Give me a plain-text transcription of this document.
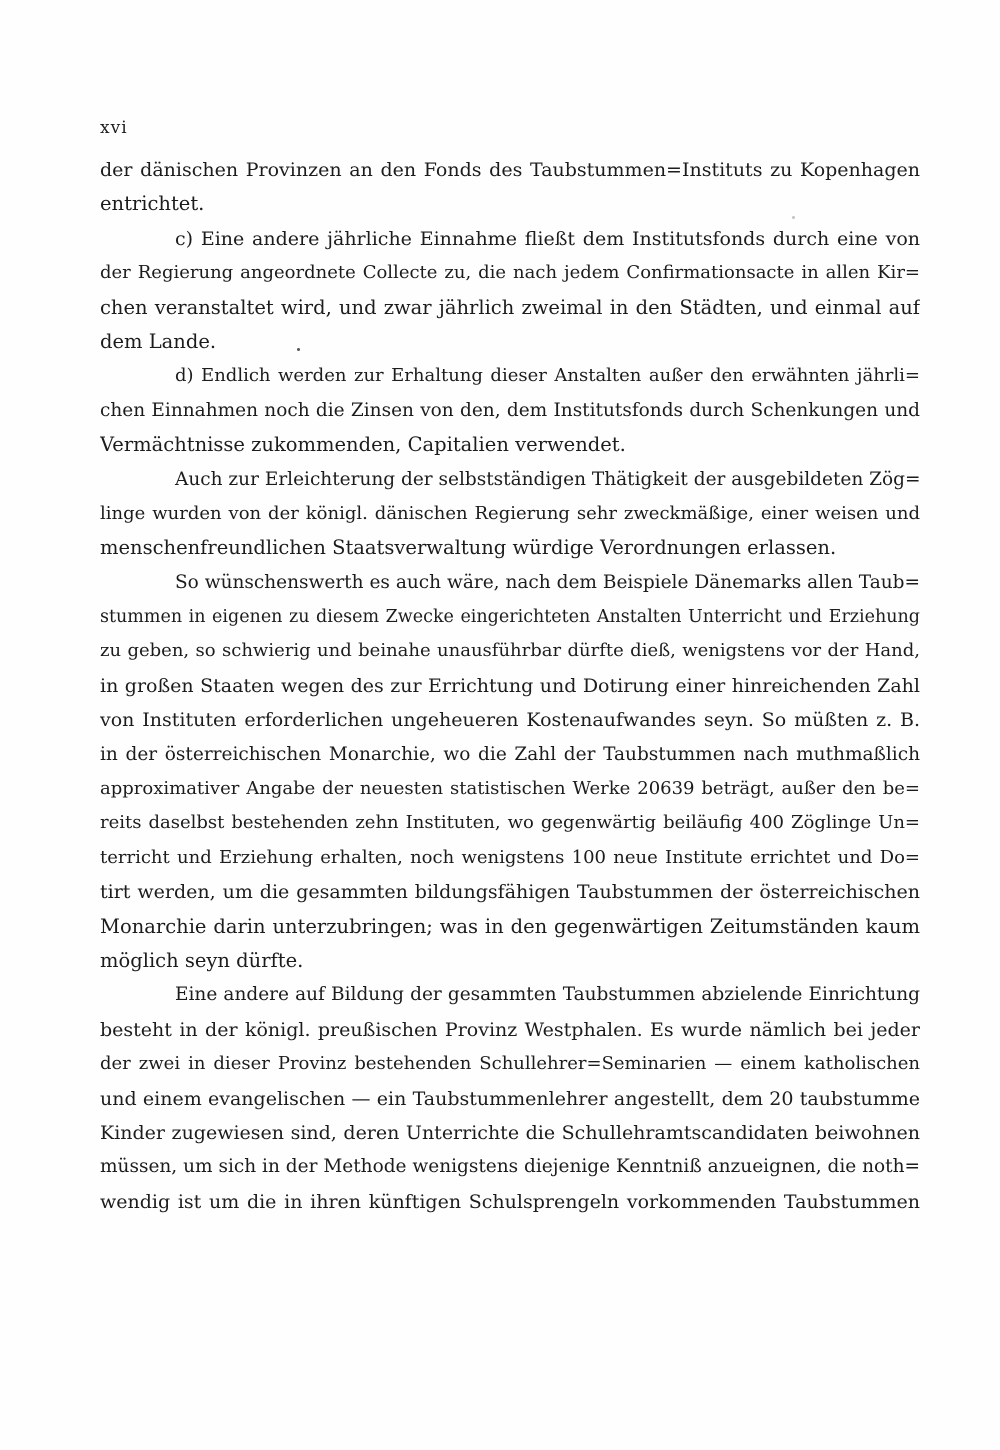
xvi
der dänischen Provinzen an den Fonds des Taubstummen=Instituts zu Kopenhagen
entrichtet.
c) Eine andere jährliche Einnahme fließt dem Institutsfonds durch eine von
der Regierung angeordnete Collecte zu, die nach jedem Confirmationsacte in allen Kir=
chen veranstaltet wird, und zwar jährlich zweimal in den Städten, und einmal auf
dem Lande.
d) Endlich werden zur Erhaltung dieser Anstalten außer den erwähnten jährli=
chen Einnahmen noch die Zinsen von den, dem Institutsfonds durch Schenkungen und
Vermächtnisse zukommenden, Capitalien verwendet.
Auch zur Erleichterung der selbstständigen Thätigkeit der ausgebildeten Zög=
linge wurden von der königl. dänischen Regierung sehr zweckmäßige, einer weisen und
menschenfreundlichen Staatsverwaltung würdige Verordnungen erlassen.
So wünschenswerth es auch wäre, nach dem Beispiele Dänemarks allen Taub=
stummen in eigenen zu diesem Zwecke eingerichteten Anstalten Unterricht und Erziehung
zu geben, so schwierig und beinahe unausführbar dürfte dieß, wenigstens vor der Hand,
in großen Staaten wegen des zur Errichtung und Dotirung einer hinreichenden Zahl
von Instituten erforderlichen ungeheueren Kostenaufwandes seyn. So müßten z. B.
in der österreichischen Monarchie, wo die Zahl der Taubstummen nach muthmaßlich
approximativer Angabe der neuesten statistischen Werke 20639 beträgt, außer den be=
reits daselbst bestehenden zehn Instituten, wo gegenwärtig beiläufig 400 Zöglinge Un=
terricht und Erziehung erhalten, noch wenigstens 100 neue Institute errichtet und Do=
tirt werden, um die gesammten bildungsfähigen Taubstummen der österreichischen
Monarchie darin unterzubringen; was in den gegenwärtigen Zeitumständen kaum
möglich seyn dürfte.
Eine andere auf Bildung der gesammten Taubstummen abzielende Einrichtung
besteht in der königl. preußischen Provinz Westphalen. Es wurde nämlich bei jeder
der zwei in dieser Provinz bestehenden Schullehrer=Seminarien — einem katholischen
und einem evangelischen — ein Taubstummenlehrer angestellt, dem 20 taubstumme
Kinder zugewiesen sind, deren Unterrichte die Schullehramtscandidaten beiwohnen
müssen, um sich in der Methode wenigstens diejenige Kenntniß anzueignen, die noth=
wendig ist um die in ihren künftigen Schulsprengeln vorkommenden Taubstummen
